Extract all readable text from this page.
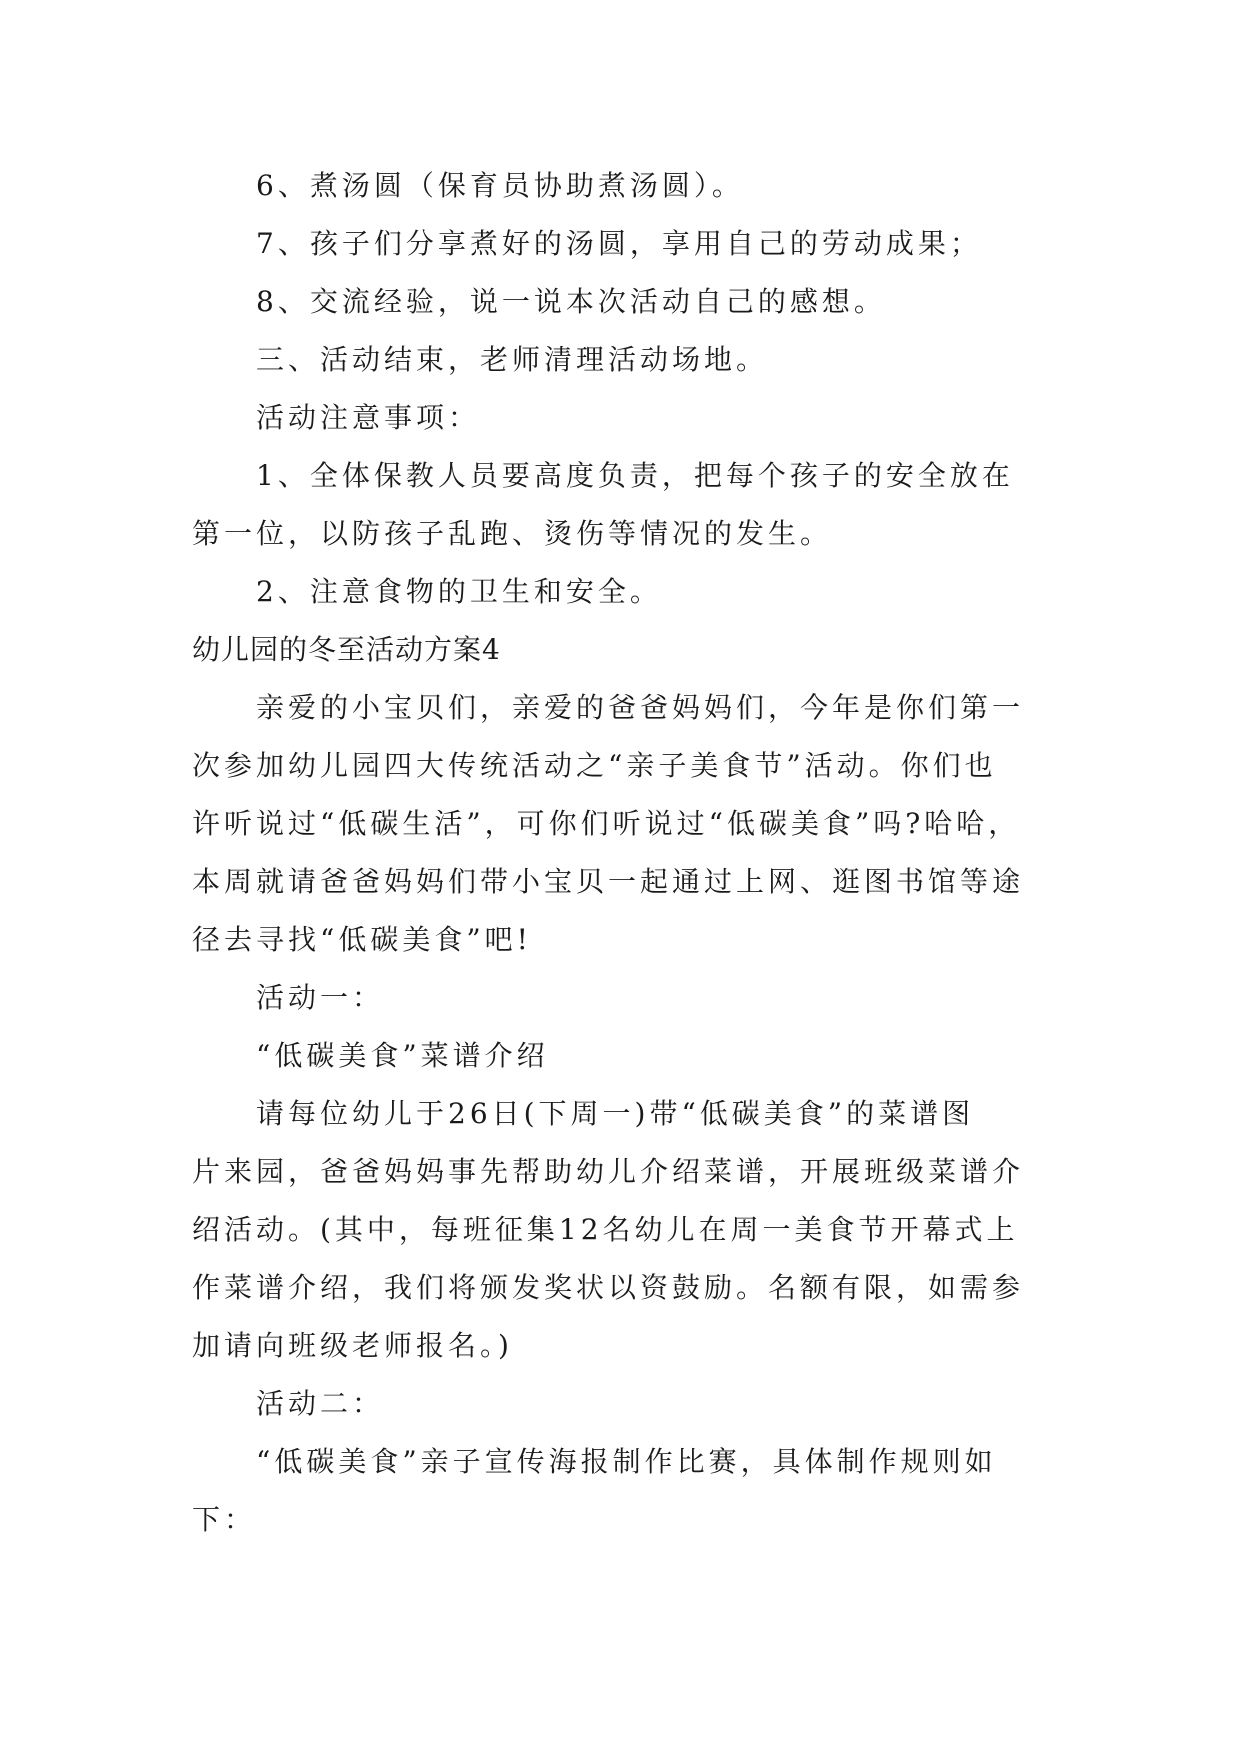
6、煮汤圆（保育员协助煮汤圆）。
7、孩子们分享煮好的汤圆，享用自己的劳动成果；
8、交流经验，说一说本次活动自己的感想。
三、活动结束，老师清理活动场地。
活动注意事项：
1、全体保教人员要高度负责，把每个孩子的安全放在
第一位，以防孩子乱跑、烫伤等情况的发生。
2、注意食物的卫生和安全。
幼儿园的冬至活动方案4
亲爱的小宝贝们，亲爱的爸爸妈妈们，今年是你们第一
次参加幼儿园四大传统活动之“亲子美食节”活动。你们也
许听说过“低碳生活”，可你们听说过“低碳美食”吗?哈哈，
本周就请爸爸妈妈们带小宝贝一起通过上网、逛图书馆等途
径去寻找“低碳美食”吧!
活动一：
“低碳美食”菜谱介绍
请每位幼儿于26日(下周一)带“低碳美食”的菜谱图
片来园，爸爸妈妈事先帮助幼儿介绍菜谱，开展班级菜谱介
绍活动。(其中，每班征集12名幼儿在周一美食节开幕式上
作菜谱介绍，我们将颁发奖状以资鼓励。名额有限，如需参
加请向班级老师报名。)
活动二：
“低碳美食”亲子宣传海报制作比赛，具体制作规则如
下：
